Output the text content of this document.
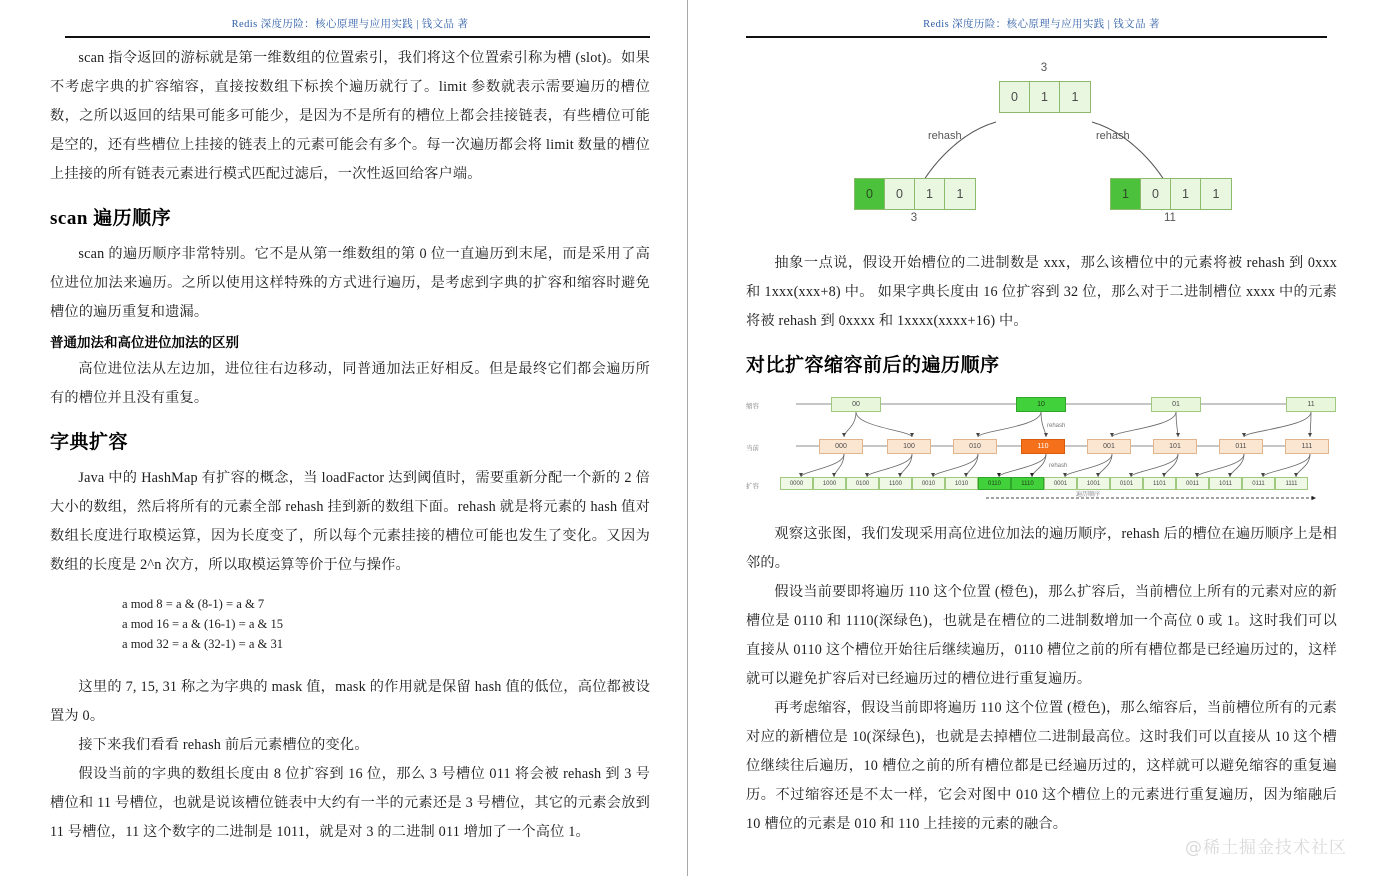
Redis 深度历险：核心原理与应用实践 | 钱文品 著

scan 指令返回的游标就是第一维数组的位置索引，我们将这个位置索引称为槽 (slot)。如果不考虑字典的扩容缩容，直接按数组下标挨个遍历就行了。limit 参数就表示需要遍历的槽位数，之所以返回的结果可能多可能少，是因为不是所有的槽位上都会挂接链表，有些槽位可能是空的，还有些槽位上挂接的链表上的元素可能会有多个。每一次遍历都会将 limit 数量的槽位上挂接的所有链表元素进行模式匹配过滤后，一次性返回给客户端。

scan 遍历顺序

scan 的遍历顺序非常特别。它不是从第一维数组的第 0 位一直遍历到末尾，而是采用了高位进位加法来遍历。之所以使用这样特殊的方式进行遍历，是考虑到字典的扩容和缩容时避免槽位的遍历重复和遗漏。

普通加法和高位进位加法的区别

高位进位法从左边加，进位往右边移动，同普通加法正好相反。但是最终它们都会遍历所有的槽位并且没有重复。

字典扩容

Java 中的 HashMap 有扩容的概念，当 loadFactor 达到阈值时，需要重新分配一个新的 2 倍大小的数组，然后将所有的元素全部 rehash 挂到新的数组下面。rehash 就是将元素的 hash 值对数组长度进行取模运算，因为长度变了，所以每个元素挂接的槽位可能也发生了变化。又因为数组的长度是 2^n 次方，所以取模运算等价于位与操作。

a mod 8 = a & (8-1) = a & 7
a mod 16 = a & (16-1) = a & 15
a mod 32 = a & (32-1) = a & 31

这里的 7, 15, 31 称之为字典的 mask 值，mask 的作用就是保留 hash 值的低位，高位都被设置为 0。

接下来我们看看 rehash 前后元素槽位的变化。

假设当前的字典的数组长度由 8 位扩容到 16 位，那么 3 号槽位 011 将会被 rehash 到 3 号槽位和 11 号槽位，也就是说该槽位链表中大约有一半的元素还是 3 号槽位，其它的元素会放到 11 号槽位，11 这个数字的二进制是 1011，就是对 3 的二进制 011 增加了一个高位 1。

Redis 深度历险：核心原理与应用实践 | 钱文品 著
3
0	1	1
rehash	rehash
0	0	1	1
3
1	0	1	1
11

抽象一点说，假设开始槽位的二进制数是 xxx，那么该槽位中的元素将被 rehash 到 0xxx 和 1xxx(xxx+8) 中。 如果字典长度由 16 位扩容到 32 位，那么对于二进制槽位 xxxx 中的元素将被 rehash 到 0xxxx 和 1xxxx(xxxx+16) 中。

对比扩容缩容前后的遍历顺序
缩容
当前
扩容
00	10	01	11
000	100	010	110	001	101	011	111
0000	1000	0100	1100	0010	1010	0110	1110	0001	1001	0101	1101	0011	1011	0111	1111
rehash
rehash
遍历顺序

观察这张图，我们发现采用高位进位加法的遍历顺序，rehash 后的槽位在遍历顺序上是相邻的。

假设当前要即将遍历 110 这个位置 (橙色)，那么扩容后，当前槽位上所有的元素对应的新槽位是 0110 和 1110(深绿色)，也就是在槽位的二进制数增加一个高位 0 或 1。这时我们可以直接从 0110 这个槽位开始往后继续遍历，0110 槽位之前的所有槽位都是已经遍历过的，这样就可以避免扩容后对已经遍历过的槽位进行重复遍历。

再考虑缩容，假设当前即将遍历 110 这个位置 (橙色)，那么缩容后，当前槽位所有的元素对应的新槽位是 10(深绿色)，也就是去掉槽位二进制最高位。这时我们可以直接从 10 这个槽位继续往后遍历，10 槽位之前的所有槽位都是已经遍历过的，这样就可以避免缩容的重复遍历。不过缩容还是不太一样，它会对图中 010 这个槽位上的元素进行重复遍历，因为缩融后 10 槽位的元素是 010 和 110 上挂接的元素的融合。

@稀土掘金技术社区
